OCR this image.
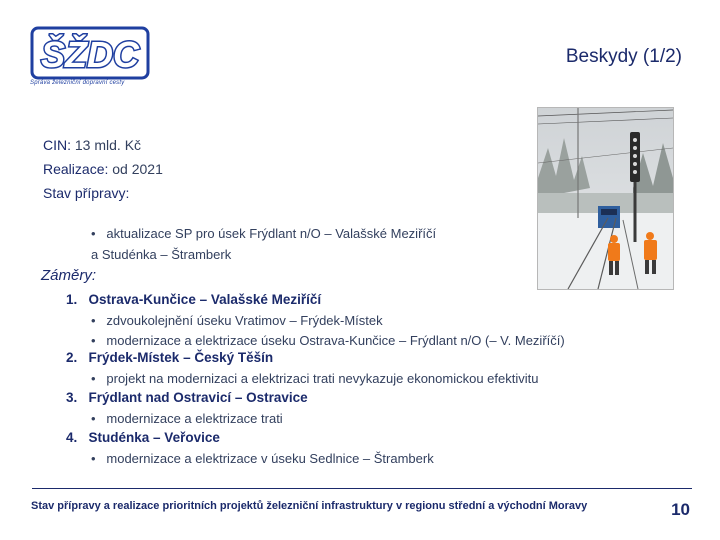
ŠŽDC
Správa železniční dopravní cesty
Beskydy (1/2)
CIN: 13 mld. Kč
Realizace: od 2021
Stav přípravy:
• aktualizace SP pro úsek Frýdlant n/O – Valašské Meziříčí
a Studénka – Štramberk
Záměry:
1. Ostrava-Kunčice – Valašské Meziříčí
•   zdvoukolejnění úseku Vratimov – Frýdek-Místek
•   modernizace a elektrizace úseku Ostrava-Kunčice – Frýdlant n/O (– V. Meziříčí)
2. Frýdek-Místek – Český Těšín
•   projekt na modernizaci a elektrizaci trati nevykazuje ekonomickou efektivitu
3. Frýdlant nad Ostravicí – Ostravice
•   modernizace a elektrizace trati
4. Studénka – Veřovice
•   modernizace a elektrizace v úseku Sedlnice – Štramberk
Stav přípravy a realizace prioritních projektů železniční infrastruktury v regionu střední a východní Moravy	10
